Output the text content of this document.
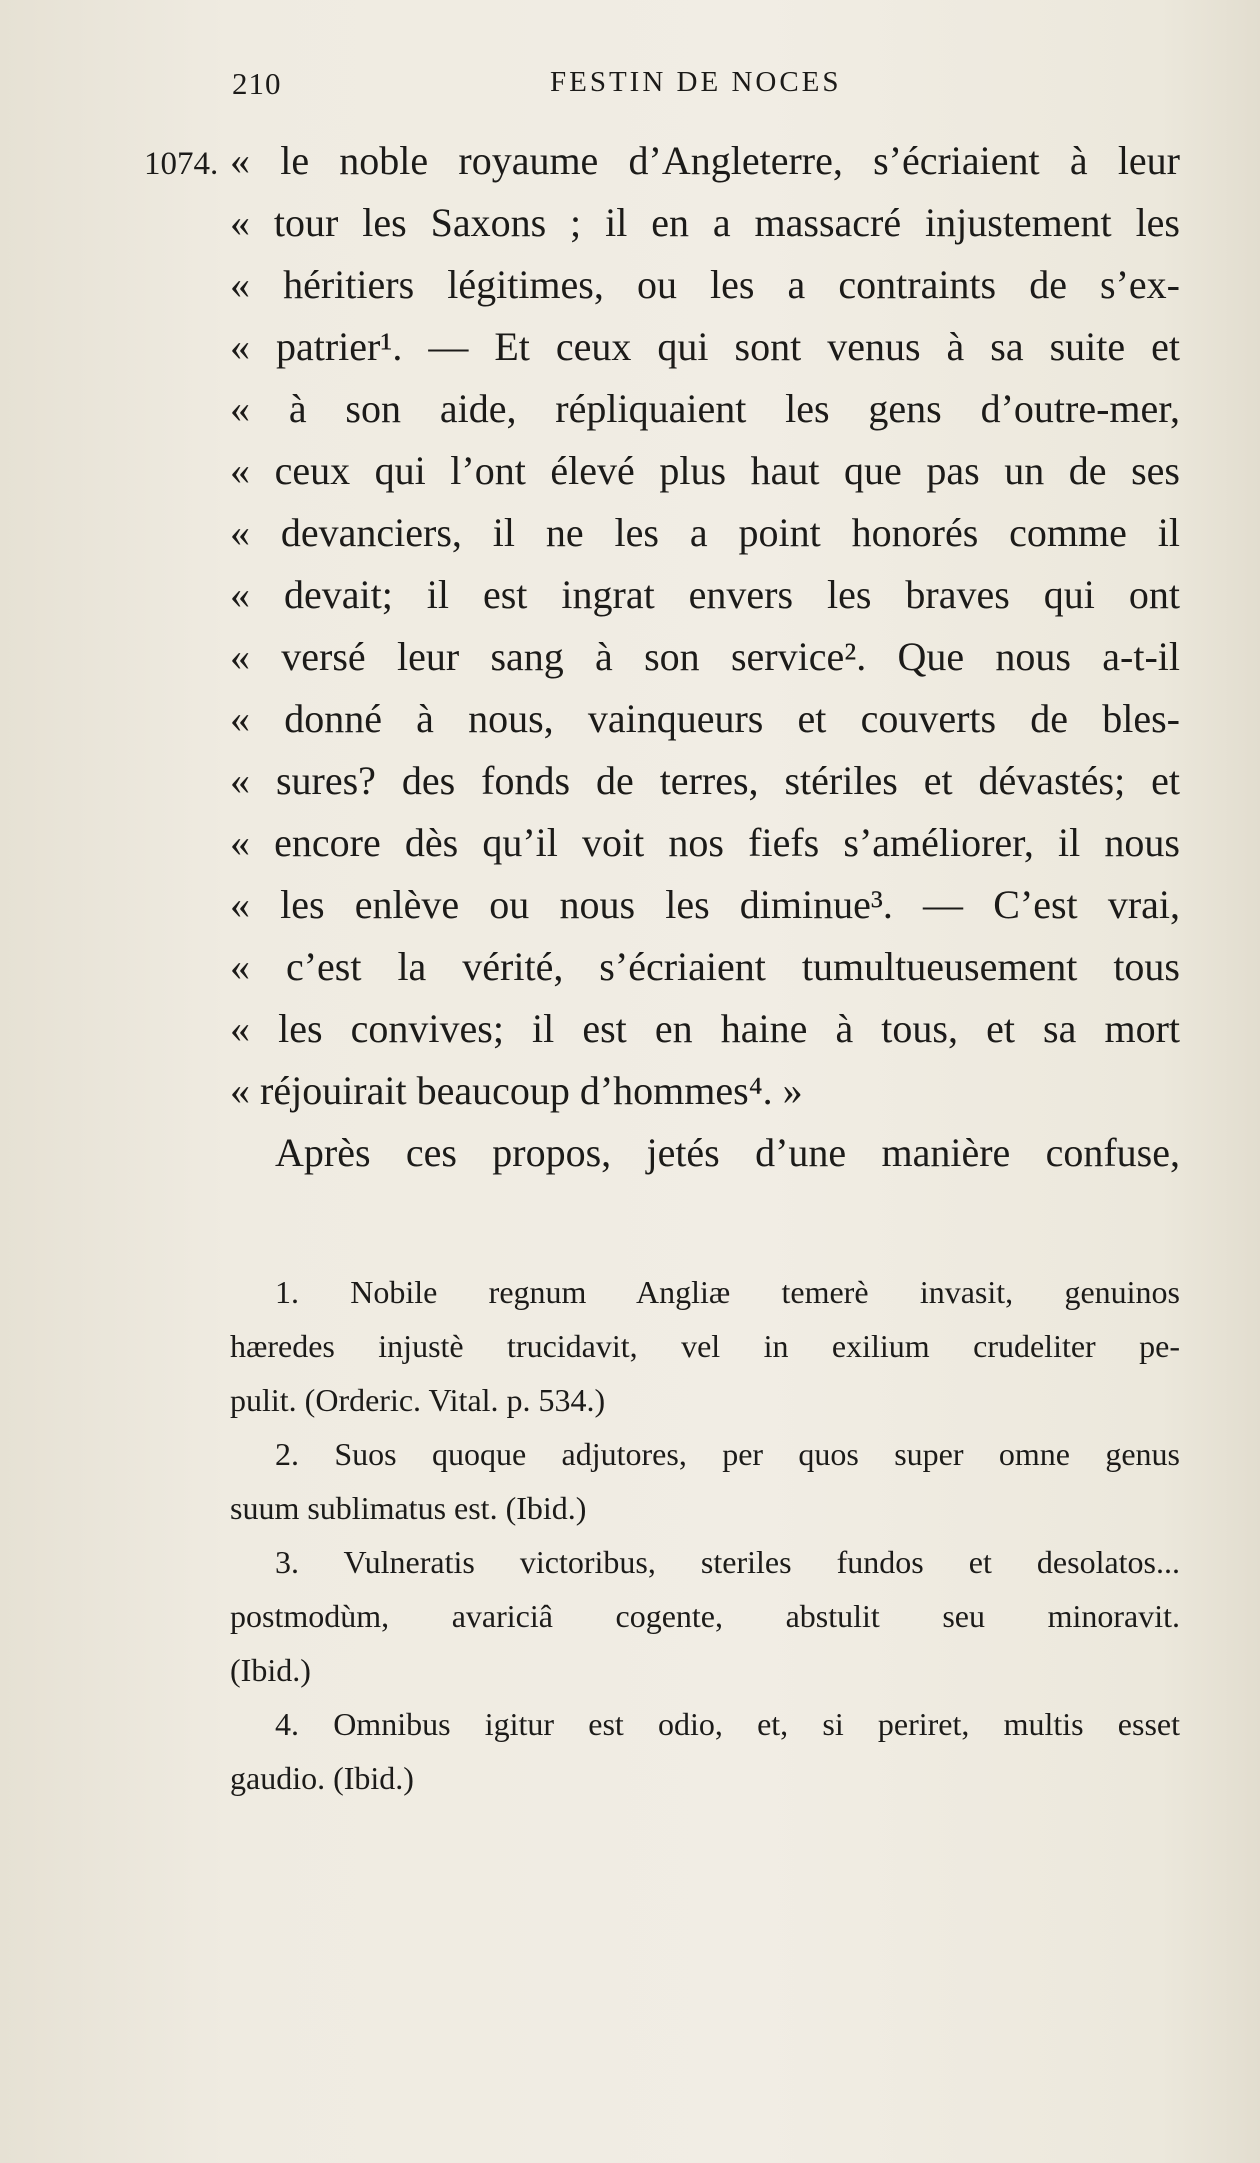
210	FESTIN DE NOCES
1074. « le noble royaume d’Angleterre, s’écriaient à leur
« tour les Saxons ; il en a massacré injustement les
« héritiers légitimes, ou les a contraints de s’ex-
« patrier¹. — Et ceux qui sont venus à sa suite et
« à son aide, répliquaient les gens d’outre-mer,
« ceux qui l’ont élevé plus haut que pas un de ses
« devanciers, il ne les a point honorés comme il
« devait; il est ingrat envers les braves qui ont
« versé leur sang à son service². Que nous a-t-il
« donné à nous, vainqueurs et couverts de bles-
« sures? des fonds de terres, stériles et dévastés; et
« encore dès qu’il voit nos fiefs s’améliorer, il nous
« les enlève ou nous les diminue³. — C’est vrai,
« c’est la vérité, s’écriaient tumultueusement tous
« les convives; il est en haine à tous, et sa mort
« réjouirait beaucoup d’hommes⁴. »
Après ces propos, jetés d’une manière confuse,
1. Nobile regnum Angliæ temerè invasit, genuinos
hæredes injustè trucidavit, vel in exilium crudeliter pe-
pulit. (Orderic. Vital. p. 534.)
2. Suos quoque adjutores, per quos super omne genus
suum sublimatus est. (Ibid.)
3. Vulneratis victoribus, steriles fundos et desolatos...
postmodùm, avariciâ cogente, abstulit seu minoravit.
(Ibid.)
4. Omnibus igitur est odio, et, si periret, multis esset
gaudio. (Ibid.)
